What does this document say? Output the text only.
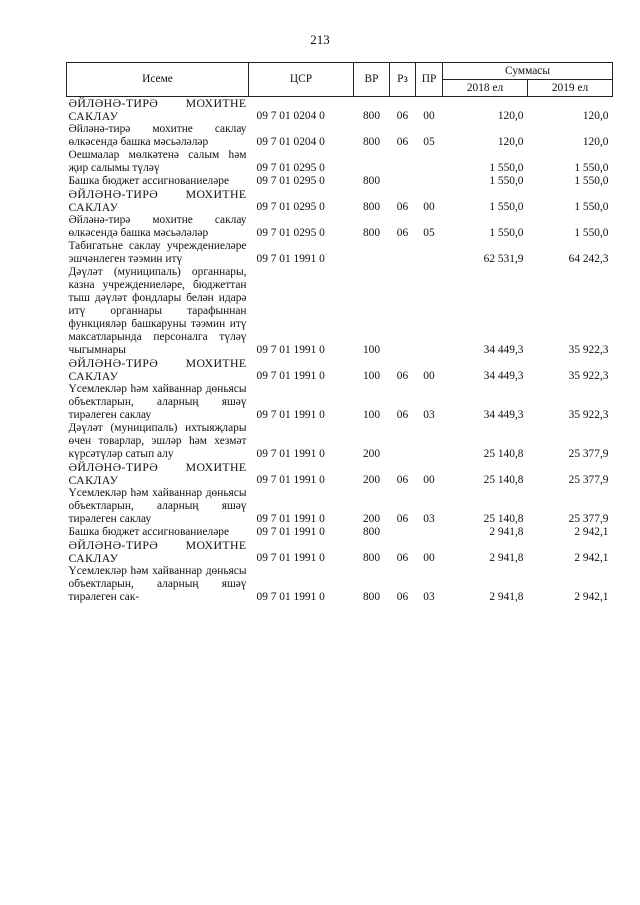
213
Исеме	ЦСР	ВР	Рз	ПР	Суммасы	
					2018 ел	2019 ел
ӘЙЛӘНӘ-ТИРӘ МОХИТНЕ САКЛАУ	09 7 01 0204 0	800	06	00	120,0	120,0
Әйләнә-тирә мохитне саклау өлкәсендә башка мәсьәләләр	09 7 01 0204 0	800	06	05	120,0	120,0
Оешмалар мөлкәтенә салым һәм җир салымы түләү	09 7 01 0295 0				1 550,0	1 550,0
Башка бюджет ассигнованиеләре	09 7 01 0295 0	800			1 550,0	1 550,0
ӘЙЛӘНӘ-ТИРӘ МОХИТНЕ САКЛАУ	09 7 01 0295 0	800	06	00	1 550,0	1 550,0
Әйләнә-тирә мохитне саклау өлкәсендә башка мәсьәләләр	09 7 01 0295 0	800	06	05	1 550,0	1 550,0
Табигатьне саклау учреждениеләре эшчәнлеген тәэмин итү	09 7 01 1991 0				62 531,9	64 242,3
Дәүләт (муниципаль) органнары, казна учреждениеләре, бюджеттан тыш дәүләт фондлары белән идарә итү органнары тарафыннан функцияләр башкаруны тәэмин итү максатларында персоналга түләү чыгымнары	09 7 01 1991 0	100			34 449,3	35 922,3
ӘЙЛӘНӘ-ТИРӘ МОХИТНЕ САКЛАУ	09 7 01 1991 0	100	06	00	34 449,3	35 922,3
Үсемлекләр һәм хайваннар дөньясы объектларын, аларның яшәү тирәлеген саклау	09 7 01 1991 0	100	06	03	34 449,3	35 922,3
Дәүләт (муниципаль) ихтыяҗлары өчен товарлар, эшләр һәм хезмәт күрсәтүләр сатып алу	09 7 01 1991 0	200			25 140,8	25 377,9
ӘЙЛӘНӘ-ТИРӘ МОХИТНЕ САКЛАУ	09 7 01 1991 0	200	06	00	25 140,8	25 377,9
Үсемлекләр һәм хайваннар дөньясы объектларын, аларның яшәү тирәлеген саклау	09 7 01 1991 0	200	06	03	25 140,8	25 377,9
Башка бюджет ассигнованиеләре	09 7 01 1991 0	800			2 941,8	2 942,1
ӘЙЛӘНӘ-ТИРӘ МОХИТНЕ САКЛАУ	09 7 01 1991 0	800	06	00	2 941,8	2 942,1
Үсемлекләр һәм хайваннар дөньясы объектларын, аларның яшәү тирәлеген сак-	09 7 01 1991 0	800	06	03	2 941,8	2 942,1
